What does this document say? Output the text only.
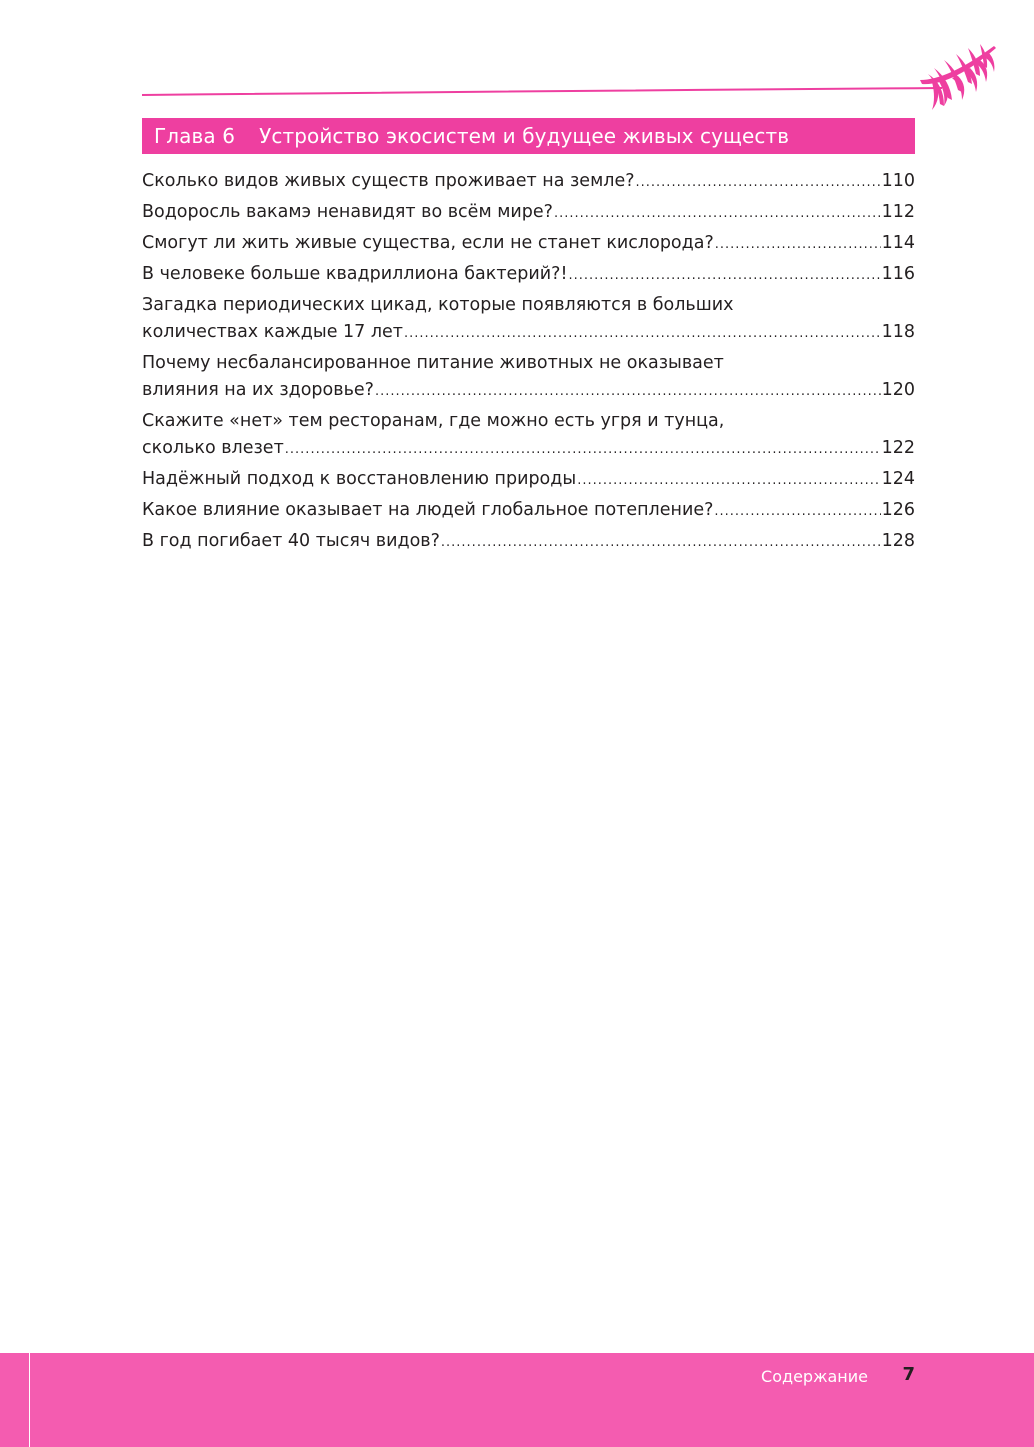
Глава 6 Устройство экосистем и будущее живых существ
Сколько видов живых существ проживает на земле? .....	110
Водоросль вакамэ ненавидят во всём мире? .....	112
Смогут ли жить живые существа, если не станет кислорода? .....	114
В человеке больше квадриллиона бактерий?! .....	116
Загадка периодических цикад, которые появляются в больших
количествах каждые 17 лет .....	118
Почему несбалансированное питание животных не оказывает
влияния на их здоровье? .....	120
Скажите «нет» тем ресторанам, где можно есть угря и тунца,
сколько влезет .....	122
Надёжный подход к восстановлению природы .....	124
Какое влияние оказывает на людей глобальное потепление? .....	126
В год погибает 40 тысяч видов? .....	128
Содержание 7
